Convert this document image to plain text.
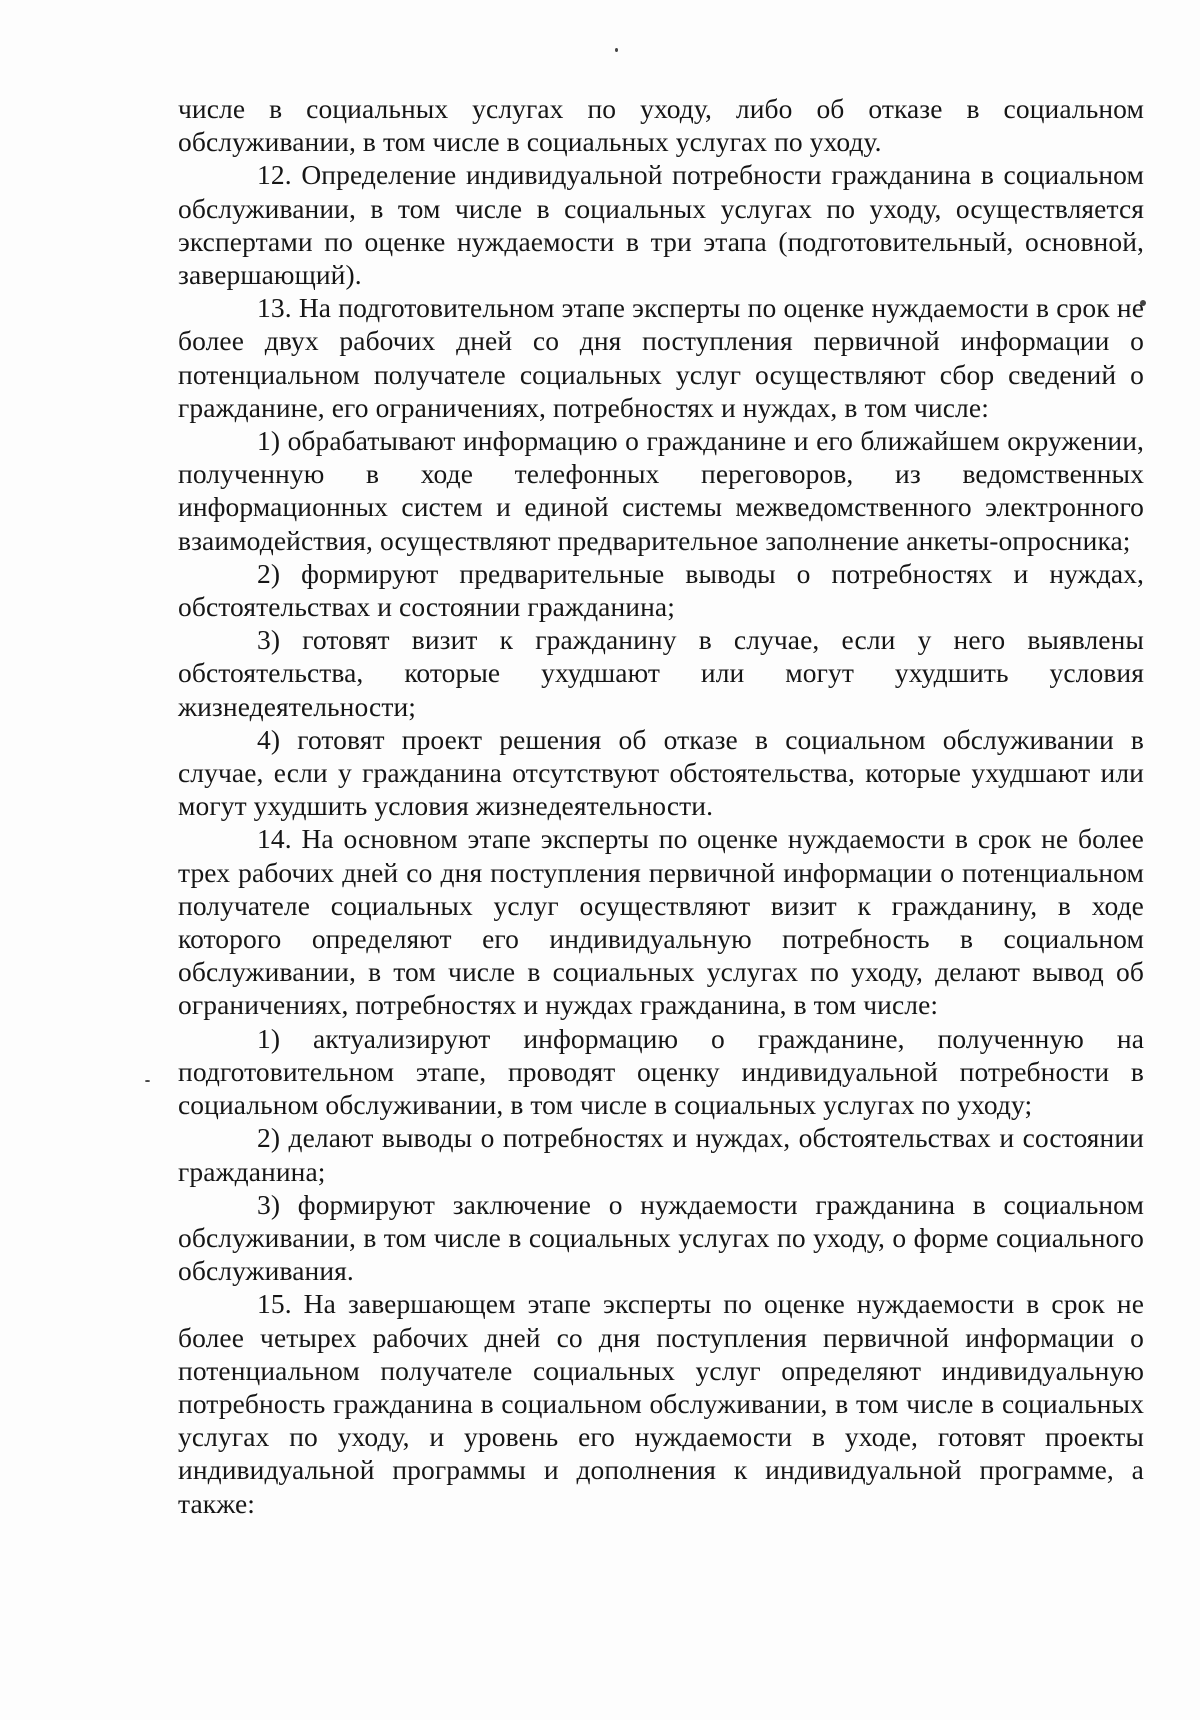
числе в социальных услугах по уходу, либо об отказе в социальном обслуживании, в том числе в социальных услугах по уходу.

12. Определение индивидуальной потребности гражданина в социальном обслуживании, в том числе в социальных услугах по уходу, осуществляется экспертами по оценке нуждаемости в три этапа (подготовительный, основной, завершающий).

13. На подготовительном этапе эксперты по оценке нуждаемости в срок не более двух рабочих дней со дня поступления первичной информации о потенциальном получателе социальных услуг осуществляют сбор сведений о гражданине, его ограничениях, потребностях и нуждах, в том числе:

1) обрабатывают информацию о гражданине и его ближайшем окружении, полученную в ходе телефонных переговоров, из ведомственных информационных систем и единой системы межведомственного электронного взаимодействия, осуществляют предварительное заполнение анкеты-опросника;

2) формируют предварительные выводы о потребностях и нуждах, обстоятельствах и состоянии гражданина;

3) готовят визит к гражданину в случае, если у него выявлены обстоятельства, которые ухудшают или могут ухудшить условия жизнедеятельности;

4) готовят проект решения об отказе в социальном обслуживании в случае, если у гражданина отсутствуют обстоятельства, которые ухудшают или могут ухудшить условия жизнедеятельности.

14. На основном этапе эксперты по оценке нуждаемости в срок не более трех рабочих дней со дня поступления первичной информации о потенциальном получателе социальных услуг осуществляют визит к гражданину, в ходе которого определяют его индивидуальную потребность в социальном обслуживании, в том числе в социальных услугах по уходу, делают вывод об ограничениях, потребностях и нуждах гражданина, в том числе:

1) актуализируют информацию о гражданине, полученную на подготовительном этапе, проводят оценку индивидуальной потребности в социальном обслуживании, в том числе в социальных услугах по уходу;

2) делают выводы о потребностях и нуждах, обстоятельствах и состоянии гражданина;

3) формируют заключение о нуждаемости гражданина в социальном обслуживании, в том числе в социальных услугах по уходу, о форме социального обслуживания.

15. На завершающем этапе эксперты по оценке нуждаемости в срок не более четырех рабочих дней со дня поступления первичной информации о потенциальном получателе социальных услуг определяют индивидуальную потребность гражданина в социальном обслуживании, в том числе в социальных услугах по уходу, и уровень его нуждаемости в уходе, готовят проекты индивидуальной программы и дополнения к индивидуальной программе, а также:
